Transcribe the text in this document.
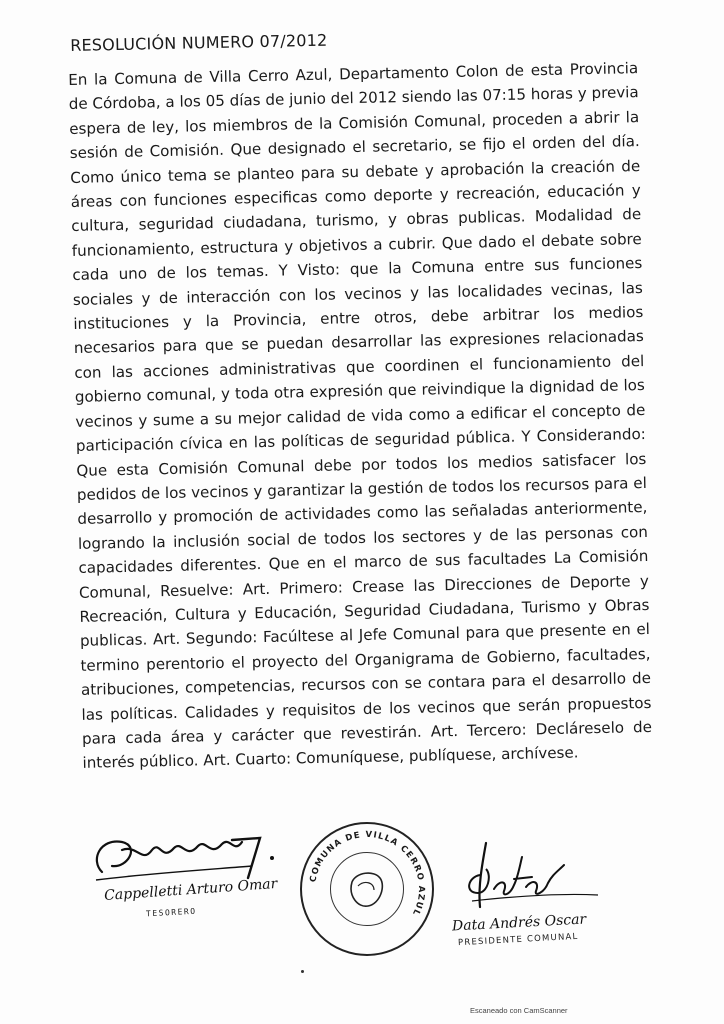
RESOLUCIÓN NUMERO 07/2012
En la Comuna de Villa Cerro Azul, Departamento Colon de esta Provincia de Córdoba, a los 05 días de junio del 2012 siendo las 07:15 horas y previa espera de ley, los miembros de la Comisión Comunal, proceden a abrir la sesión de Comisión. Que designado el secretario, se fijo el orden del día. Como único tema se planteo para su debate y aprobación la creación de áreas con funciones especificas como deporte y recreación, educación y cultura, seguridad ciudadana, turismo, y obras publicas. Modalidad de funcionamiento, estructura y objetivos a cubrir. Que dado el debate sobre cada uno de los temas. Y Visto: que la Comuna entre sus funciones sociales y de interacción con los vecinos y las localidades vecinas, las instituciones y la Provincia, entre otros, debe arbitrar los medios necesarios para que se puedan desarrollar las expresiones relacionadas con las acciones administrativas que coordinen el funcionamiento del gobierno comunal, y toda otra expresión que reivindique la dignidad de los vecinos y sume a su mejor calidad de vida como a edificar el concepto de participación cívica en las políticas de seguridad pública. Y Considerando: Que esta Comisión Comunal debe por todos los medios satisfacer los pedidos de los vecinos y garantizar la gestión de todos los recursos para el desarrollo y promoción de actividades como las señaladas anteriormente, logrando la inclusión social de todos los sectores y de las personas con capacidades diferentes. Que en el marco de sus facultades La Comisión Comunal, Resuelve: Art. Primero: Crease las Direcciones de Deporte y Recreación, Cultura y Educación, Seguridad Ciudadana, Turismo y Obras publicas. Art. Segundo: Facúltese al Jefe Comunal para que presente en el termino perentorio el proyecto del Organigrama de Gobierno, facultades, atribuciones, competencias, recursos con se contara para el desarrollo de las políticas. Calidades y requisitos de los vecinos que serán propuestos para cada área y carácter que revestirán. Art. Tercero: Decláreselo de interés público. Art. Cuarto: Comuníquese, publíquese, archívese.
Cappelletti Arturo Omar
TESORERO
COMUNA DE VILLA CERRO AZUL	Data Andrés Oscar
PRESIDENTE COMUNAL
Escaneado con CamScanner
